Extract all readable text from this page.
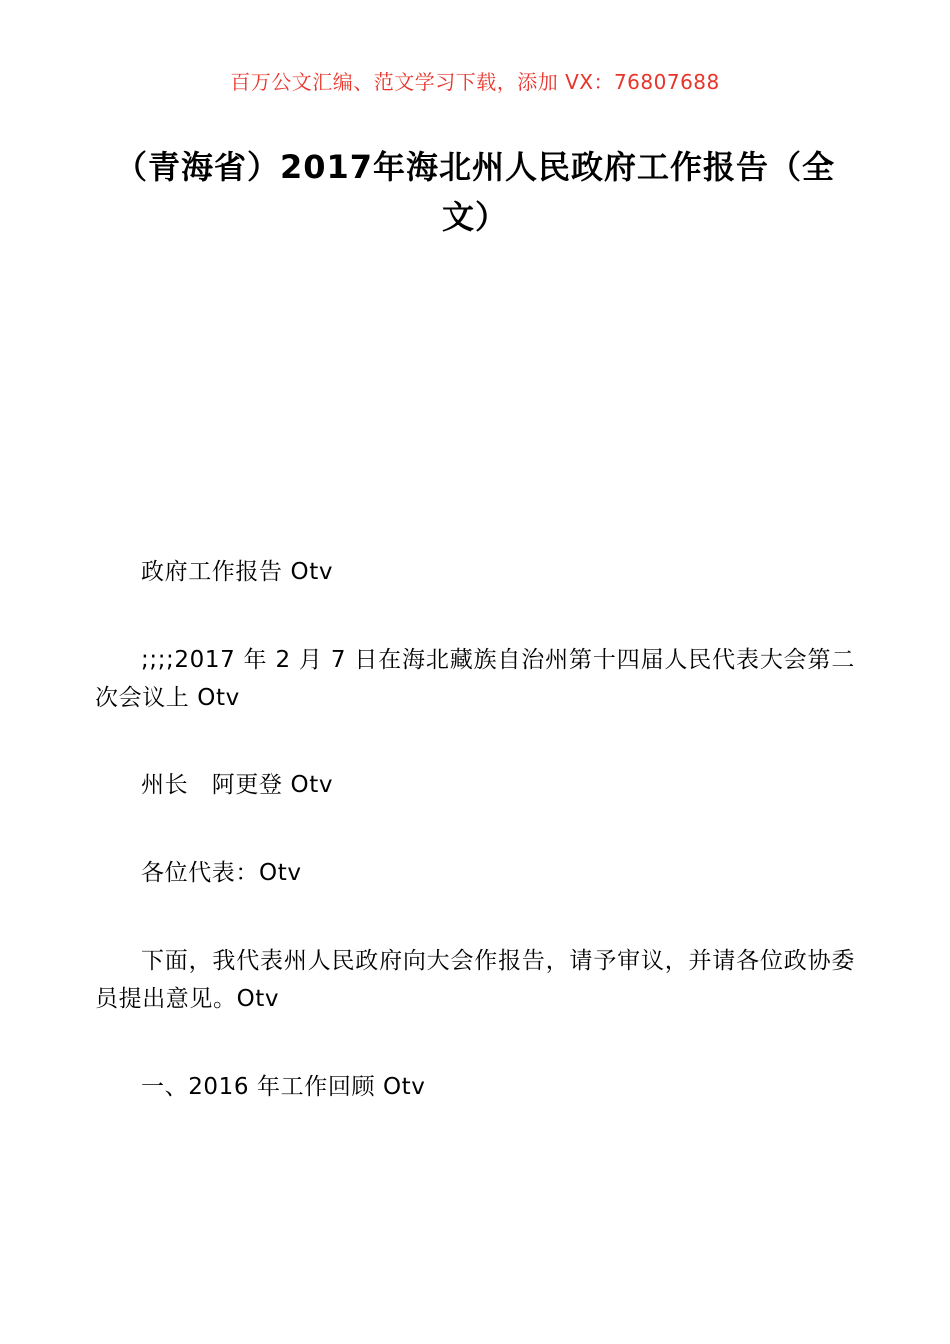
百万公文汇编、范文学习下载，添加 VX：76807688
（青海省）2017年海北州人民政府工作报告（全文）

政府工作报告 Otv

;;;;2017 年 2 月 7 日在海北藏族自治州第十四届人民代表大会第二次会议上 Otv

州长　阿更登 Otv

各位代表：Otv

下面，我代表州人民政府向大会作报告，请予审议，并请各位政协委员提出意见。Otv

一、2016 年工作回顾 Otv
